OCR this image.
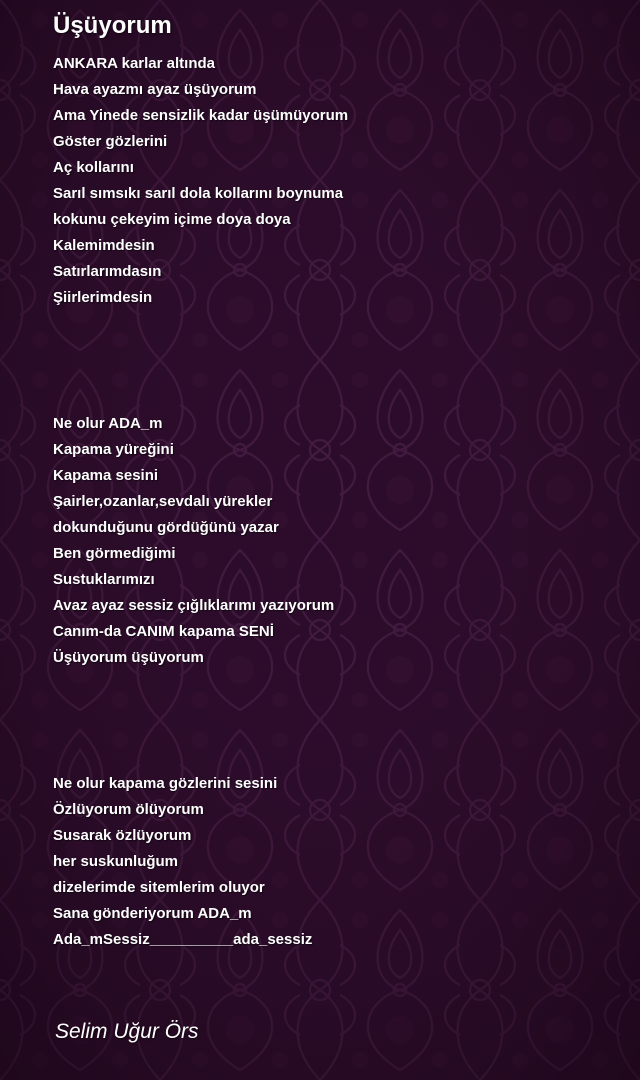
Üşüyorum
ANKARA karlar altında
Hava ayazmı ayaz üşüyorum
Ama Yinede sensizlik kadar üşümüyorum
Göster gözlerini
Aç kollarını
Sarıl sımsıkı sarıl dola kollarını boynuma
kokunu çekeyim içime doya doya
Kalemimdesin
Satırlarımdasın
Şiirlerimdesin
Ne olur ADA_m
Kapama yüreğini
Kapama sesini
Şairler,ozanlar,sevdalı yürekler
dokunduğunu gördüğünü yazar
Ben görmediğimi
Sustuklarımızı
Avaz ayaz sessiz çığlıklarımı yazıyorum
Canım-da CANIM kapama SENİ
Üşüyorum üşüyorum
Ne olur kapama gözlerini sesini
Özlüyorum ölüyorum
Susarak özlüyorum
her suskunluğum
dizelerimde sitemlerim oluyor
Sana gönderiyorum ADA_m
Ada_mSessiz__________ada_sessiz

Selim Uğur Örs
